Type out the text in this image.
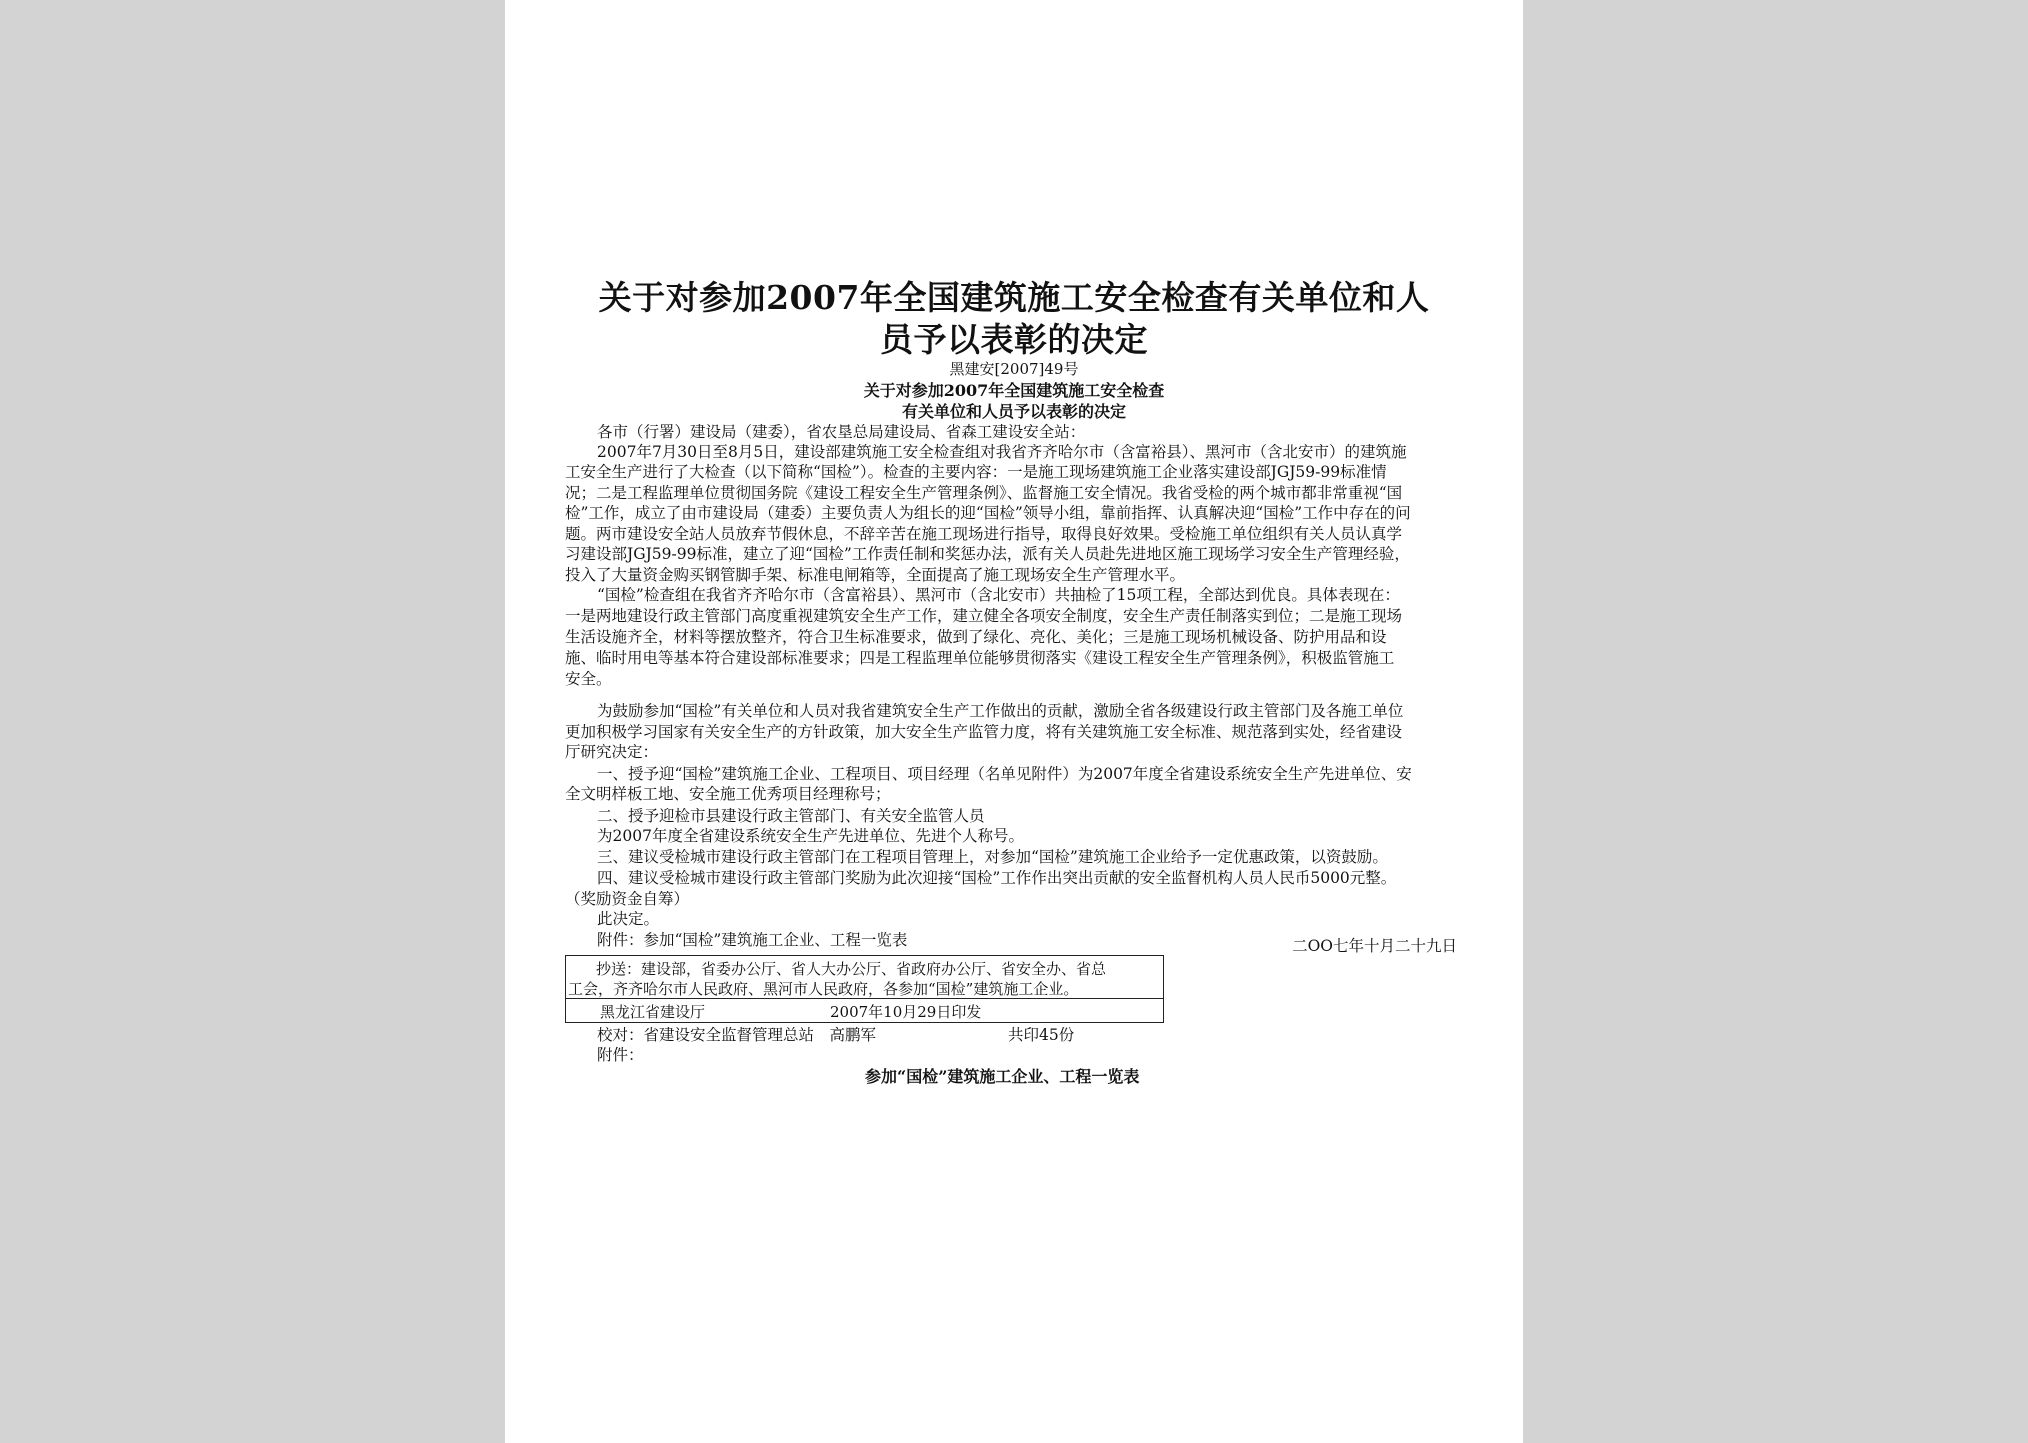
关于对参加2007年全国建筑施工安全检查有关单位和人
员予以表彰的决定
黑建安[2007]49号
关于对参加2007年全国建筑施工安全检查
有关单位和人员予以表彰的决定
各市（行署）建设局（建委），省农垦总局建设局、省森工建设安全站：
2007年7月30日至8月5日，建设部建筑施工安全检查组对我省齐齐哈尔市（含富裕县）、黑河市（含北安市）的建筑施
工安全生产进行了大检查（以下简称“国检”）。检查的主要内容：一是施工现场建筑施工企业落实建设部JGJ59-99标准情
况；二是工程监理单位贯彻国务院《建设工程安全生产管理条例》、监督施工安全情况。我省受检的两个城市都非常重视“国
检”工作，成立了由市建设局（建委）主要负责人为组长的迎“国检”领导小组，靠前指挥、认真解决迎“国检”工作中存在的问
题。两市建设安全站人员放弃节假休息，不辞辛苦在施工现场进行指导，取得良好效果。受检施工单位组织有关人员认真学
习建设部JGJ59-99标准，建立了迎“国检”工作责任制和奖惩办法，派有关人员赴先进地区施工现场学习安全生产管理经验，
投入了大量资金购买钢管脚手架、标准电闸箱等，全面提高了施工现场安全生产管理水平。
“国检”检查组在我省齐齐哈尔市（含富裕县）、黑河市（含北安市）共抽检了15项工程，全部达到优良。具体表现在：
一是两地建设行政主管部门高度重视建筑安全生产工作，建立健全各项安全制度，安全生产责任制落实到位；二是施工现场
生活设施齐全，材料等摆放整齐，符合卫生标准要求，做到了绿化、亮化、美化；三是施工现场机械设备、防护用品和设
施、临时用电等基本符合建设部标准要求；四是工程监理单位能够贯彻落实《建设工程安全生产管理条例》，积极监管施工
安全。
为鼓励参加“国检”有关单位和人员对我省建筑安全生产工作做出的贡献，激励全省各级建设行政主管部门及各施工单位
更加积极学习国家有关安全生产的方针政策，加大安全生产监管力度，将有关建筑施工安全标准、规范落到实处，经省建设
厅研究决定：
一、授予迎“国检”建筑施工企业、工程项目、项目经理（名单见附件）为2007年度全省建设系统安全生产先进单位、安
全文明样板工地、安全施工优秀项目经理称号；
二、授予迎检市县建设行政主管部门、有关安全监管人员
为2007年度全省建设系统安全生产先进单位、先进个人称号。
三、建议受检城市建设行政主管部门在工程项目管理上，对参加“国检”建筑施工企业给予一定优惠政策，以资鼓励。
四、建议受检城市建设行政主管部门奖励为此次迎接“国检”工作作出突出贡献的安全监督机构人员人民币5000元整。
（奖励资金自筹）
此决定。
附件：参加“国检”建筑施工企业、工程一览表	二OO七年十月二十九日
抄送：建设部，省委办公厅、省人大办公厅、省政府办公厅、省安全办、省总
工会，齐齐哈尔市人民政府、黑河市人民政府，各参加“国检”建筑施工企业。
黑龙江省建设厅	2007年10月29日印发
校对：省建设安全监督管理总站　高鹏军	共印45份
附件：
参加“国检”建筑施工企业、工程一览表
